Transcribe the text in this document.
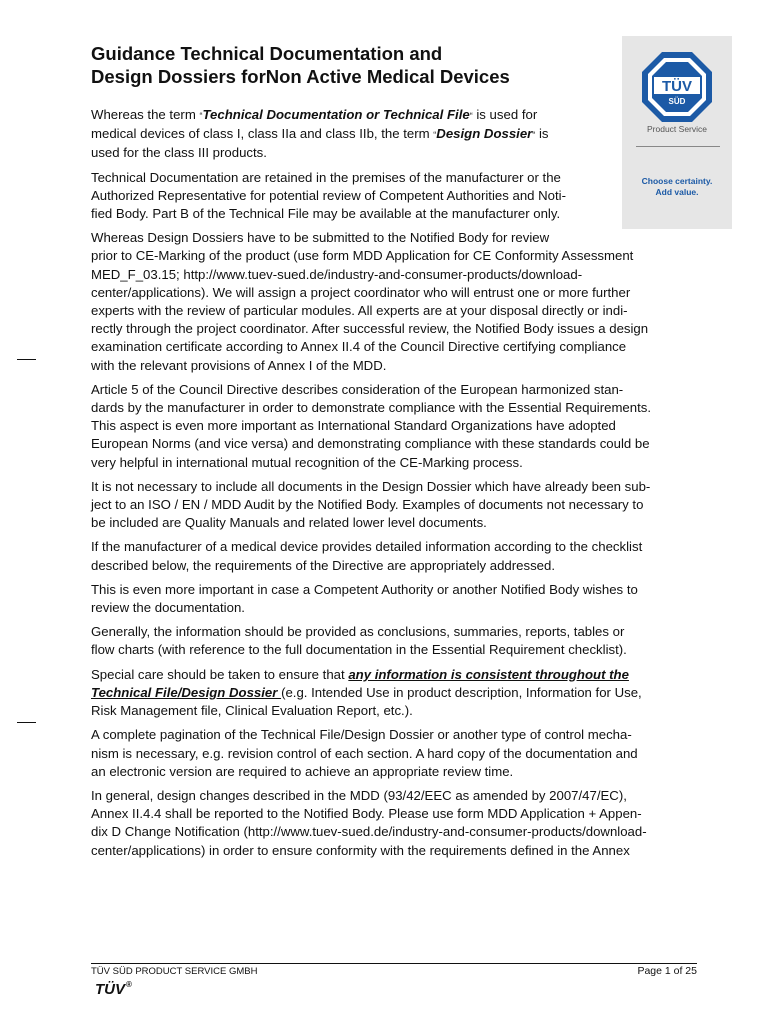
Guidance Technical Documentation and
Design Dossiers forNon Active Medical Devices	TÜV
SÜD
Product Service
Choose certainty.
Add value.

Whereas the term “Technical Documentation or Technical File“ is used for
medical devices of class I, class IIa and class IIb, the term “Design Dossier“ is
used for the class III products.

Technical Documentation are retained in the premises of the manufacturer or the
Authorized Representative for potential review of Competent Authorities and Noti-
fied Body. Part B of the Technical File may be available at the manufacturer only.

Whereas Design Dossiers have to be submitted to the Notified Body for review
prior to CE-Marking of the product (use form MDD Application for CE Conformity Assessment
MED_F_03.15; http://www.tuev-sued.de/industry-and-consumer-products/download-
center/applications). We will assign a project coordinator who will entrust one or more further
experts with the review of particular modules. All experts are at your disposal directly or indi-
rectly through the project coordinator. After successful review, the Notified Body issues a design
examination certificate according to Annex II.4 of the Council Directive certifying compliance
with the relevant provisions of Annex I of the MDD.

Article 5 of the Council Directive describes consideration of the European harmonized stan-
dards by the manufacturer in order to demonstrate compliance with the Essential Requirements.
This aspect is even more important as International Standard Organizations have adopted
European Norms (and vice versa) and demonstrating compliance with these standards could be
very helpful in international mutual recognition of the CE-Marking process.

It is not necessary to include all documents in the Design Dossier which have already been sub-
ject to an ISO / EN / MDD Audit by the Notified Body. Examples of documents not necessary to
be included are Quality Manuals and related lower level documents.

If the manufacturer of a medical device provides detailed information according to the checklist
described below, the requirements of the Directive are appropriately addressed.

This is even more important in case a Competent Authority or another Notified Body wishes to
review the documentation.

Generally, the information should be provided as conclusions, summaries, reports, tables or
flow charts (with reference to the full documentation in the Essential Requirement checklist).

Special care should be taken to ensure that any information is consistent throughout the
Technical File/Design Dossier (e.g. Intended Use in product description, Information for Use,
Risk Management file, Clinical Evaluation Report, etc.).

A complete pagination of the Technical File/Design Dossier or another type of control mecha-
nism is necessary, e.g. revision control of each section. A hard copy of the documentation and
an electronic version are required to achieve an appropriate review time.

In general, design changes described in the MDD (93/42/EEC as amended by 2007/47/EC),
Annex II.4.4 shall be reported to the Notified Body. Please use form MDD Application + Appen-
dix D Change Notification (http://www.tuev-sued.de/industry-and-consumer-products/download-
center/applications) in order to ensure conformity with the requirements defined in the Annex

TÜV SÜD PRODUCT SERVICE GMBH	Page 1 of 25
TÜV®
